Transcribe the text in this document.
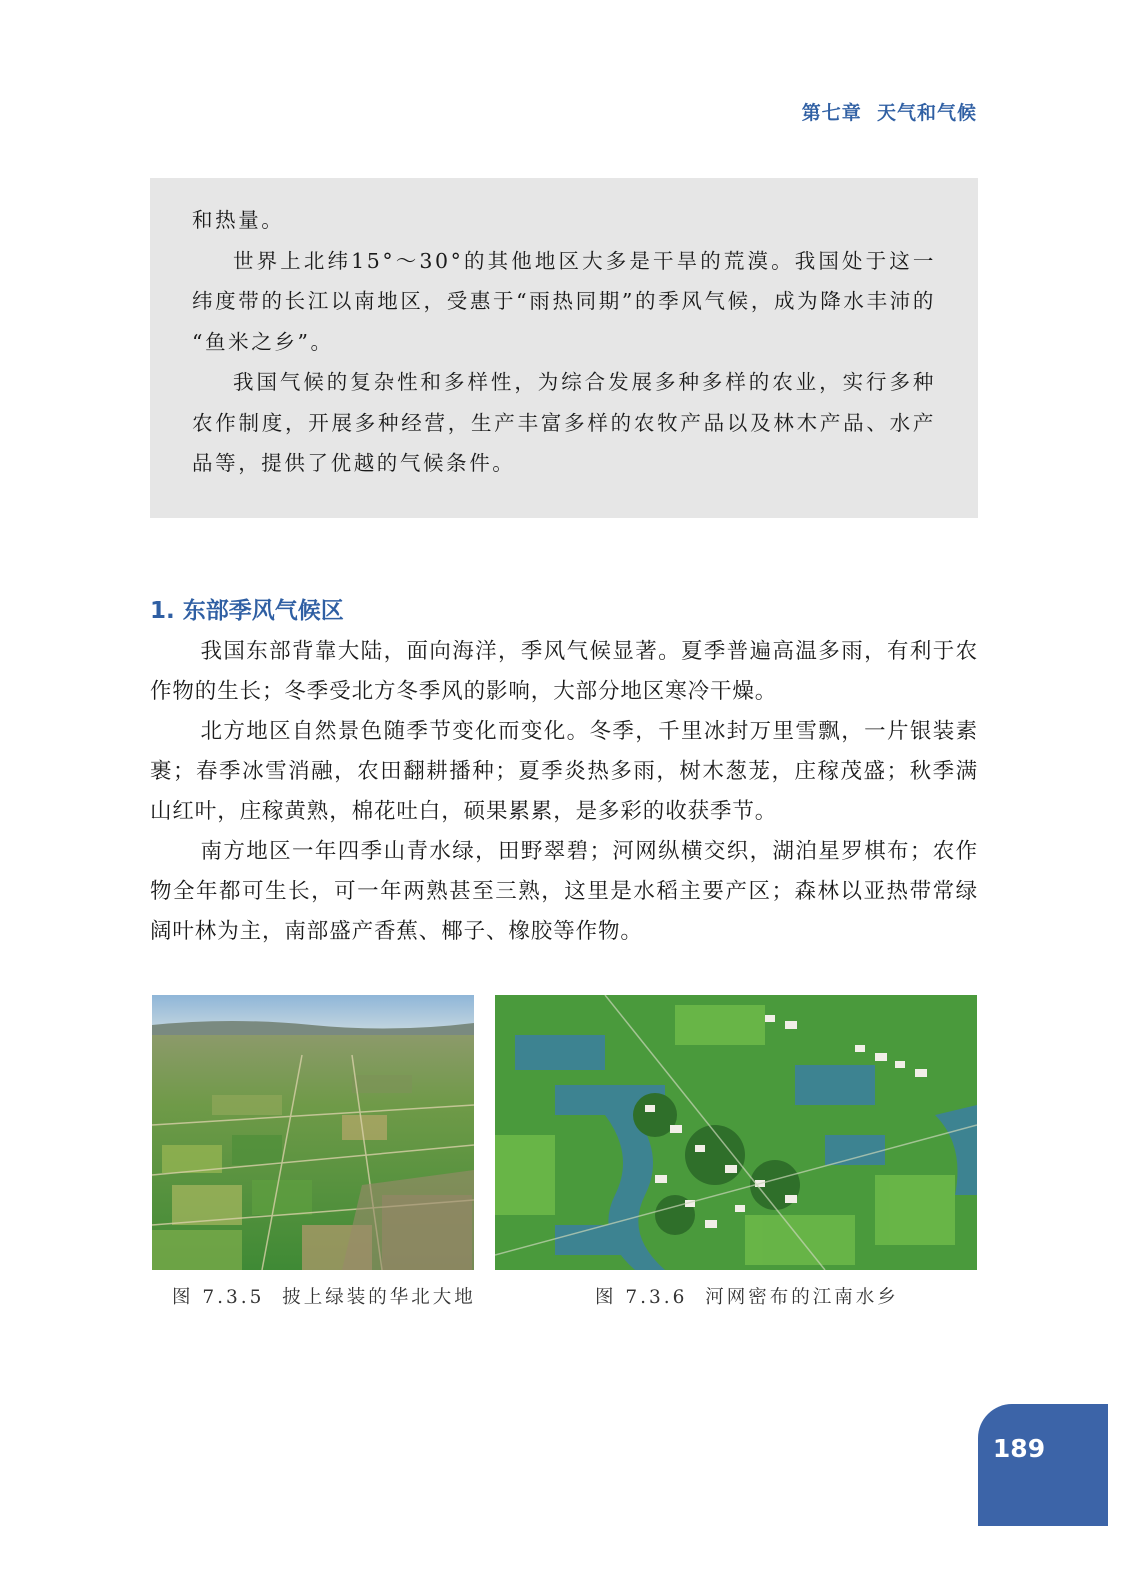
第七章 天气和气候

和热量。

世界上北纬15°～30°的其他地区大多是干旱的荒漠。我国处于这一

纬度带的长江以南地区，受惠于“雨热同期”的季风气候，成为降水丰沛的

“鱼米之乡”。

我国气候的复杂性和多样性，为综合发展多种多样的农业，实行多种

农作制度，开展多种经营，生产丰富多样的农牧产品以及林木产品、水产

品等，提供了优越的气候条件。

1. 东部季风气候区

我国东部背靠大陆，面向海洋，季风气候显著。夏季普遍高温多雨，有利于农作物的生长；冬季受北方冬季风的影响，大部分地区寒冷干燥。

北方地区自然景色随季节变化而变化。冬季，千里冰封万里雪飘，一片银装素裹；春季冰雪消融，农田翻耕播种；夏季炎热多雨，树木葱茏，庄稼茂盛；秋季满山红叶，庄稼黄熟，棉花吐白，硕果累累，是多彩的收获季节。

南方地区一年四季山青水绿，田野翠碧；河网纵横交织，湖泊星罗棋布；农作物全年都可生长，可一年两熟甚至三熟，这里是水稻主要产区；森林以亚热带常绿阔叶林为主，南部盛产香蕉、椰子、橡胶等作物。

图 7.3.5 披上绿装的华北大地	图 7.3.6 河网密布的江南水乡
189
